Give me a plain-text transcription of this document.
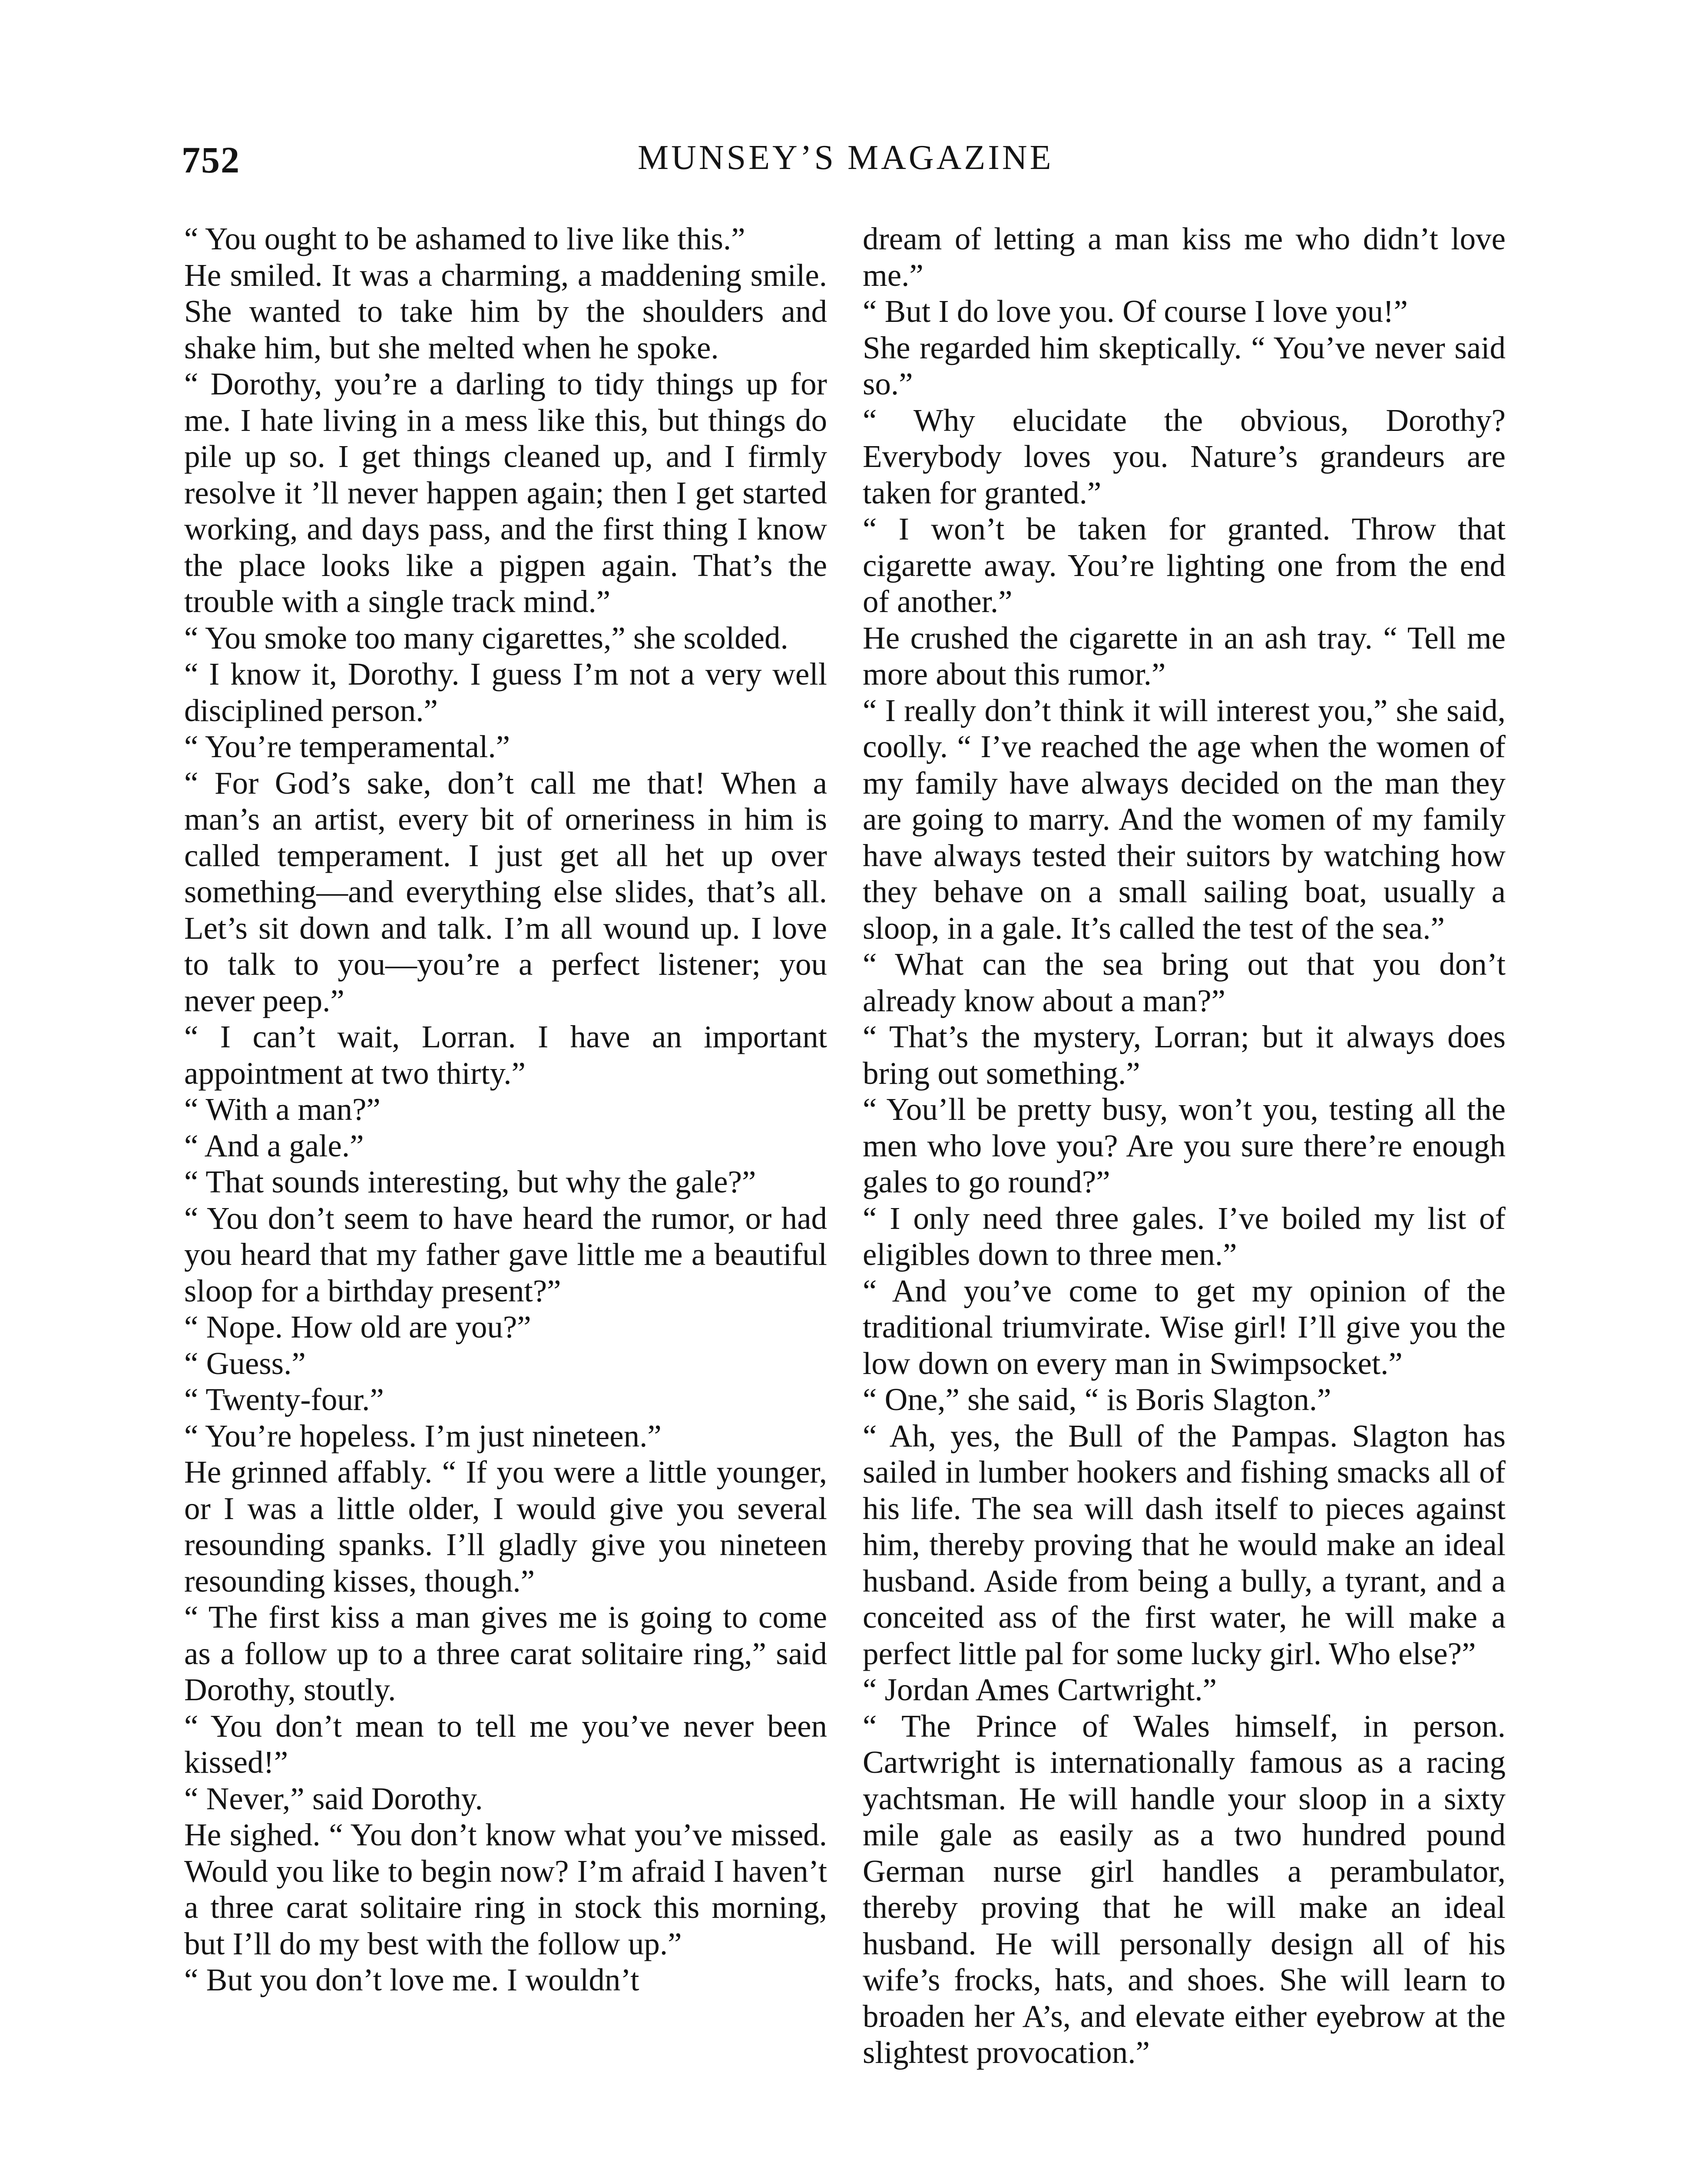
752	MUNSEY’S MAGAZINE

“ You ought to be ashamed to live like this.”

He smiled. It was a charming, a maddening smile. She wanted to take him by the shoulders and shake him, but she melted when he spoke.

“ Dorothy, you’re a darling to tidy things up for me. I hate living in a mess like this, but things do pile up so. I get things cleaned up, and I firmly resolve it ’ll never happen again; then I get started working, and days pass, and the first thing I know the place looks like a pigpen again. That’s the trouble with a single track mind.”

“ You smoke too many cigarettes,” she scolded.

“ I know it, Dorothy. I guess I’m not a very well disciplined person.”

“ You’re temperamental.”

“ For God’s sake, don’t call me that! When a man’s an artist, every bit of orneriness in him is called temperament. I just get all het up over something—and everything else slides, that’s all. Let’s sit down and talk. I’m all wound up. I love to talk to you—you’re a perfect listener; you never peep.”

“ I can’t wait, Lorran. I have an important appointment at two thirty.”

“ With a man?”

“ And a gale.”

“ That sounds interesting, but why the gale?”

“ You don’t seem to have heard the rumor, or had you heard that my father gave little me a beautiful sloop for a birthday present?”

“ Nope. How old are you?”

“ Guess.”

“ Twenty-four.”

“ You’re hopeless. I’m just nineteen.”

He grinned affably. “ If you were a little younger, or I was a little older, I would give you several resounding spanks. I’ll gladly give you nineteen resounding kisses, though.”

“ The first kiss a man gives me is going to come as a follow up to a three carat solitaire ring,” said Dorothy, stoutly.

“ You don’t mean to tell me you’ve never been kissed!”

“ Never,” said Dorothy.

He sighed. “ You don’t know what you’ve missed. Would you like to begin now? I’m afraid I haven’t a three carat solitaire ring in stock this morning, but I’ll do my best with the follow up.”

“ But you don’t love me. I wouldn’t

dream of letting a man kiss me who didn’t love me.”

“ But I do love you. Of course I love you!”

She regarded him skeptically. “ You’ve never said so.”

“ Why elucidate the obvious, Dorothy? Everybody loves you. Nature’s grandeurs are taken for granted.”

“ I won’t be taken for granted. Throw that cigarette away. You’re lighting one from the end of another.”

He crushed the cigarette in an ash tray. “ Tell me more about this rumor.”

“ I really don’t think it will interest you,” she said, coolly. “ I’ve reached the age when the women of my family have always decided on the man they are going to marry. And the women of my family have always tested their suitors by watching how they behave on a small sailing boat, usually a sloop, in a gale. It’s called the test of the sea.”

“ What can the sea bring out that you don’t already know about a man?”

“ That’s the mystery, Lorran; but it always does bring out something.”

“ You’ll be pretty busy, won’t you, testing all the men who love you? Are you sure there’re enough gales to go round?”

“ I only need three gales. I’ve boiled my list of eligibles down to three men.”

“ And you’ve come to get my opinion of the traditional triumvirate. Wise girl! I’ll give you the low down on every man in Swimpsocket.”

“ One,” she said, “ is Boris Slagton.”

“ Ah, yes, the Bull of the Pampas. Slagton has sailed in lumber hookers and fishing smacks all of his life. The sea will dash itself to pieces against him, thereby proving that he would make an ideal husband. Aside from being a bully, a tyrant, and a conceited ass of the first water, he will make a perfect little pal for some lucky girl. Who else?”

“ Jordan Ames Cartwright.”

“ The Prince of Wales himself, in person. Cartwright is internationally famous as a racing yachtsman. He will handle your sloop in a sixty mile gale as easily as a two hundred pound German nurse girl handles a perambulator, thereby proving that he will make an ideal husband. He will personally design all of his wife’s frocks, hats, and shoes. She will learn to broaden her A’s, and elevate either eyebrow at the slightest provocation.”
